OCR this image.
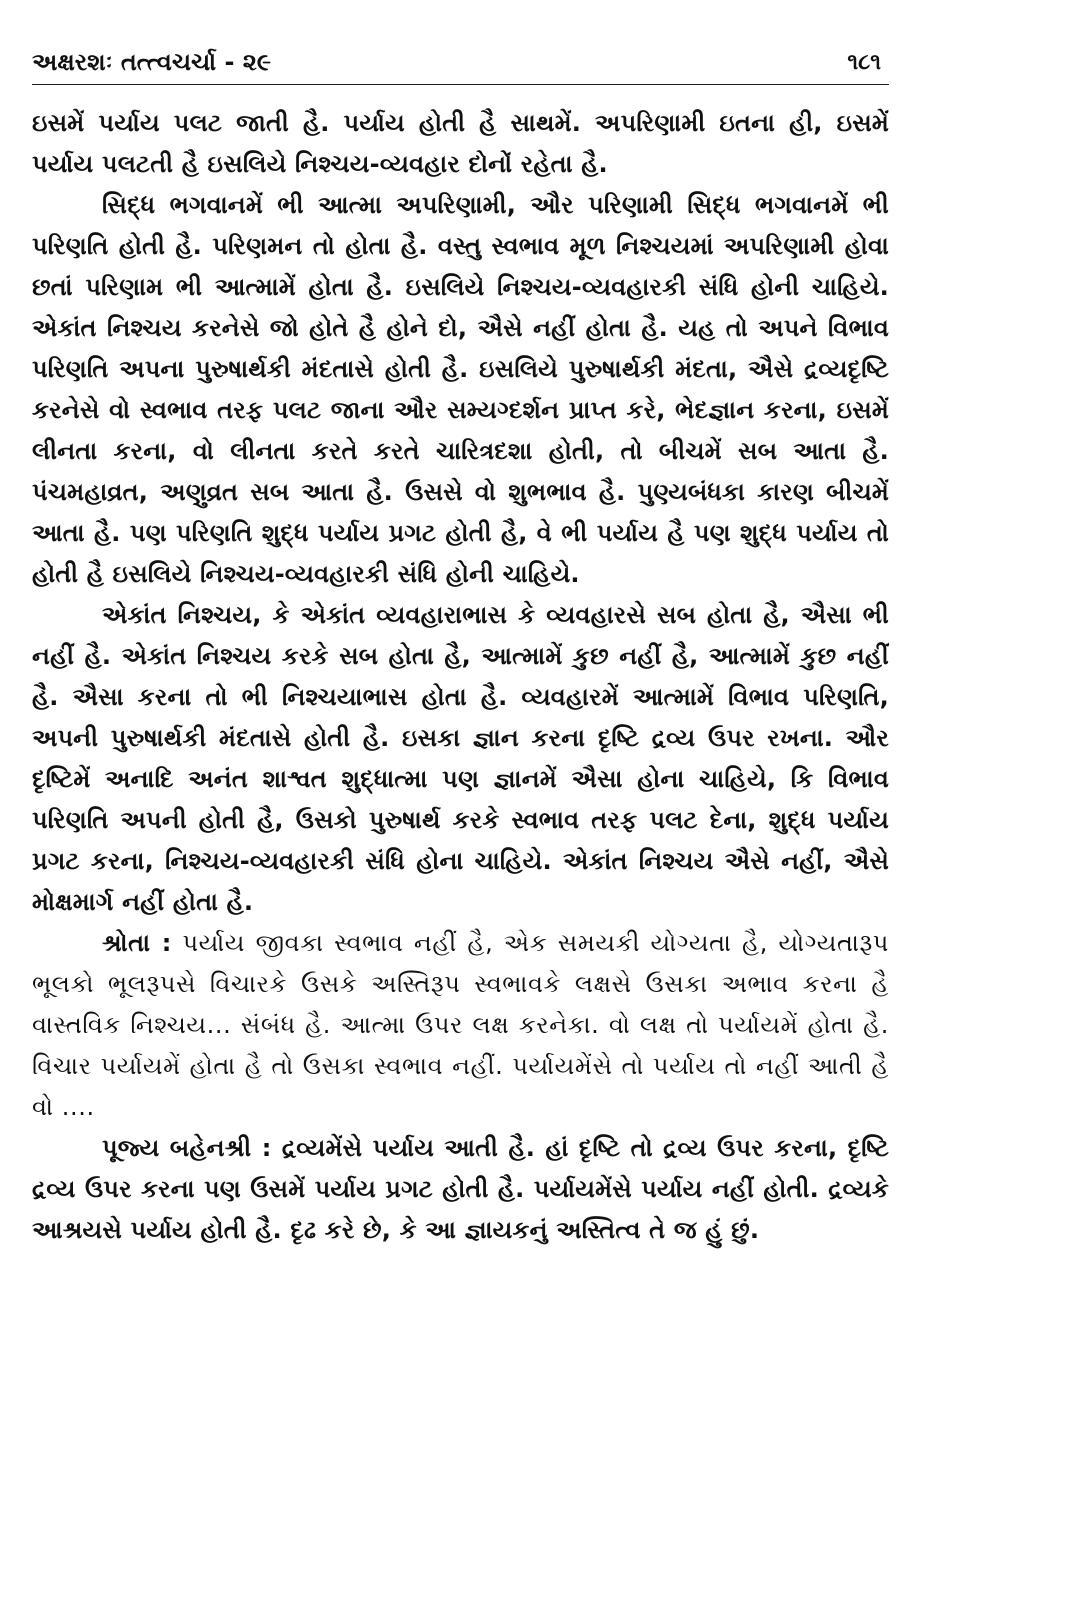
અક્ષરશઃ તત્ત્વચર્ચા - ૨૯	૧૮૧

ઇસમેં પર્યાય પલટ જાતી હૈ. પર્યાય હોતી હૈ સાથમેં. અપરિણામી ઇતના હી, ઇસમેં પર્યાય પલટતી હૈ ઇસલિયે નિશ્ચય-વ્યવહાર દોનોં રહેતા હૈ.

સિદ્ધ ભગવાનમેં ભી આત્મા અપરિણામી, ઔર પરિણામી સિદ્ધ ભગવાનમેં ભી પરિણતિ હોતી હૈ. પરિણમન તો હોતા હૈ. વસ્તુ સ્વભાવ મૂળ નિશ્ચયમાં અપરિણામી હોવા છતાં પરિણામ ભી આત્મામેં હોતા હૈ. ઇસલિયે નિશ્ચય-વ્યવહારકી સંધિ હોની ચાહિયે. એકાંત નિશ્ચય કરનેસે જો હોતે હૈ હોને દો, ઐસે નહીં હોતા હૈ. યહ તો અપને વિભાવ પરિણતિ અપના પુરુષાર્થકી મંદતાસે હોતી હૈ. ઇસલિયે પુરુષાર્થકી મંદતા, ઐસે દ્રવ્યદૃષ્ટિ કરનેસે વો સ્વભાવ તરફ પલટ જાના ઔર સમ્યગ્દર્શન પ્રાપ્ત કરે, ભેદજ્ઞાન કરના, ઇસમેં લીનતા કરના, વો લીનતા કરતે કરતે ચારિત્રદશા હોતી, તો બીચમેં સબ આતા હૈ. પંચમહાવ્રત, અણુવ્રત સબ આતા હૈ. ઉસસે વો શુભભાવ હૈ. પુણ્યબંધકા કારણ બીચમેં આતા હૈ. પણ પરિણતિ શુદ્ધ પર્યાય પ્રગટ હોતી હૈ, વે ભી પર્યાય હૈ પણ શુદ્ધ પર્યાય તો હોતી હૈ ઇસલિયે નિશ્ચય-વ્યવહારકી સંધિ હોની ચાહિયે.

એકાંત નિશ્ચય, કે એકાંત વ્યવહારાભાસ કે વ્યવહારસે સબ હોતા હૈ, ઐસા ભી નહીં હૈ. એકાંત નિશ્ચય કરકે સબ હોતા હૈ, આત્મામેં કુછ નહીં હૈ, આત્મામેં કુછ નહીં હૈ. ઐસા કરના તો ભી નિશ્ચયાભાસ હોતા હૈ. વ્યવહારમેં આત્મામેં વિભાવ પરિણતિ, અપની પુરુષાર્થકી મંદતાસે હોતી હૈ. ઇસકા જ્ઞાન કરના દૃષ્ટિ દ્રવ્ય ઉપર રખના. ઔર દૃષ્ટિમેં અનાદિ અનંત શાશ્વત શુદ્ધાત્મા પણ જ્ઞાનમેં ઐસા હોના ચાહિયે, કિ વિભાવ પરિણતિ અપની હોતી હૈ, ઉસકો પુરુષાર્થ કરકે સ્વભાવ તરફ પલટ દેના, શુદ્ધ પર્યાય પ્રગટ કરના, નિશ્ચય-વ્યવહારકી સંધિ હોના ચાહિયે. એકાંત નિશ્ચય ઐસે નહીં, ઐસે મોક્ષમાર્ગ નહીં હોતા હૈ.

શ્રોતા : પર્યાય જીવકા સ્વભાવ નહીં હૈ, એક સમયકી યોગ્યતા હૈ, યોગ્યતારૂપ ભૂલકો ભૂલરૂપસે વિચારકે ઉસકે અસ્તિરૂપ સ્વભાવકે લક્ષસે ઉસકા અભાવ કરના હૈ વાસ્તવિક નિશ્ચય... સંબંધ હૈ. આત્મા ઉપર લક્ષ કરનેકા. વો લક્ષ તો પર્યાયમેં હોતા હૈ. વિચાર પર્યાયમેં હોતા હૈ તો ઉસકા સ્વભાવ નહીં. પર્યાયમેંસે તો પર્યાય તો નહીં આતી હૈ વો ....

પૂજ્ય બહેનશ્રી : દ્રવ્યમેંસે પર્યાય આતી હૈ. હાં દૃષ્ટિ તો દ્રવ્ય ઉપર કરના, દૃષ્ટિ દ્રવ્ય ઉપર કરના પણ ઉસમેં પર્યાય પ્રગટ હોતી હૈ. પર્યાયમેંસે પર્યાય નહીં હોતી. દ્રવ્યકે આશ્રયસે પર્યાય હોતી હૈ. દૃઢ કરે છે, કે આ જ્ઞાયકનું અસ્તિત્વ તે જ હું છું.
